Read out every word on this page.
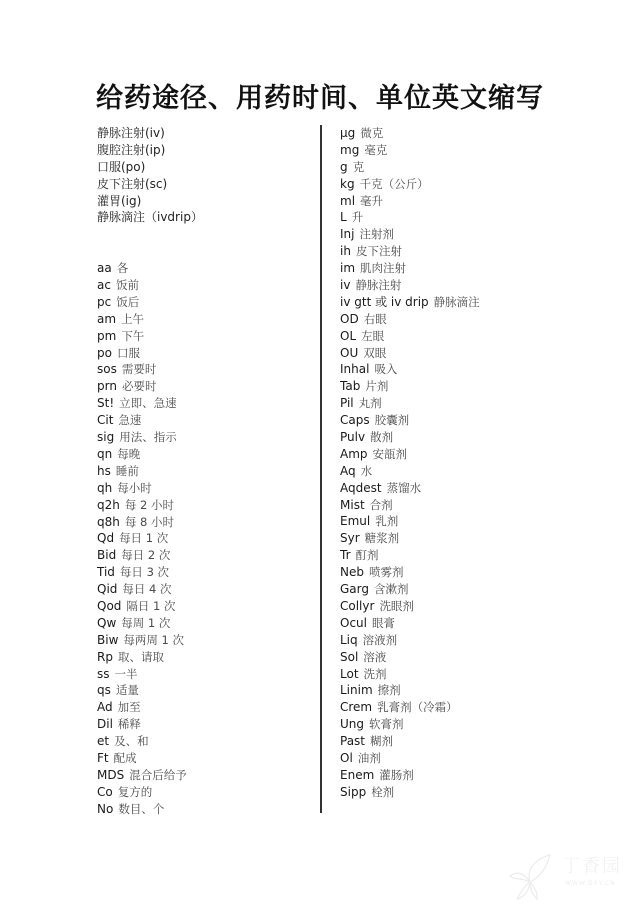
给药途径、用药时间、单位英文缩写
静脉注射(iv)
腹腔注射(ip)
口服(po)
皮下注射(sc)
灌胃(ig)
静脉滴注（ivdrip）
aa 各
ac 饭前
pc 饭后
am 上午
pm 下午
po 口服
sos 需要时
prn 必要时
St! 立即、急速
Cit 急速
sig 用法、指示
qn 每晚
hs 睡前
qh 每小时
q2h 每 2 小时
q8h 每 8 小时
Qd 每日 1 次
Bid 每日 2 次
Tid 每日 3 次
Qid 每日 4 次
Qod 隔日 1 次
Qw 每周 1 次
Biw 每两周 1 次
Rp 取、请取
ss 一半
qs 适量
Ad 加至
Dil 稀释
et 及、和
Ft 配成
MDS 混合后给予
Co 复方的
No 数目、个
μg 微克
mg 毫克
g 克
kg 千克（公斤）
ml 毫升
L 升
Inj 注射剂
ih 皮下注射
im 肌肉注射
iv 静脉注射
iv gtt 或 iv drip 静脉滴注
OD 右眼
OL 左眼
OU 双眼
Inhal 吸入
Tab 片剂
Pil 丸剂
Caps 胶囊剂
Pulv 散剂
Amp 安瓿剂
Aq 水
Aqdest 蒸馏水
Mist 合剂
Emul 乳剂
Syr 糖浆剂
Tr 酊剂
Neb 喷雾剂
Garg 含漱剂
Collyr 洗眼剂
Ocul 眼膏
Liq 溶液剂
Sol 溶液
Lot 洗剂
Linim 擦剂
Crem 乳膏剂（冷霜）
Ung 软膏剂
Past 糊剂
Ol 油剂
Enem 灌肠剂
Sipp 栓剂
丁香园
WWW.DXY.CN
